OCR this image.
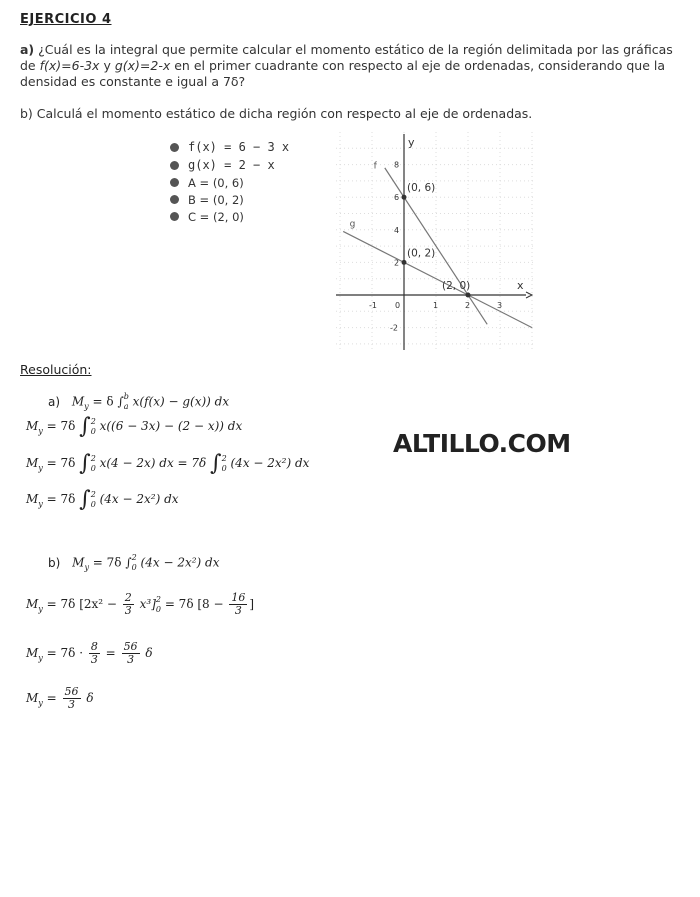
EJERCICIO 4
a) ¿Cuál es la integral que permite calcular el momento estático de la región delimitada por las gráficas
de f(x)=6-3x y g(x)=2-x en el primer cuadrante con respecto al eje de ordenadas, considerando que la
densidad es constante e igual a 7δ?
b) Calculá el momento estático de dicha región con respecto al eje de ordenadas.
f(x) = 6 − 3 x
g(x) = 2 − x
A = (0, 6)
B = (0, 2)
C = (2, 0)
x
y
-1 0	1	2	3
8
6
4
2
-2
f
g
(0, 6)
(0, 2)
(2, 0)
Resolución:
ALTILLO.COM
a) $M_y = \delta$ ∫ b
a x(f(x) − g(x)) dx
$M_y = 7\delta$ ∫ 2
0 x((6 − 3x) − (2 − x)) dx
$M_y = 7\delta$ ∫ 2
0 x(4 − 2x) dx = 7δ ∫ 2
0 (4x − 2x²) dx
$M_y = 7\delta$ ∫ 2
0 (4x − 2x²) dx
b) $M_y = 7\delta$ ∫ 2
0 (4x − 2x²) dx
$M_y = 7\delta$ $[2x^2 - \frac{2}{3} x^3]$ 2
0 = 7δ [$8 - \frac{16}{3}$ ]
$M_y = 7\delta \cdot \frac{8}{3} = \frac{56}{3}$ δ
$M_y = \frac{56}{3}$ δ
